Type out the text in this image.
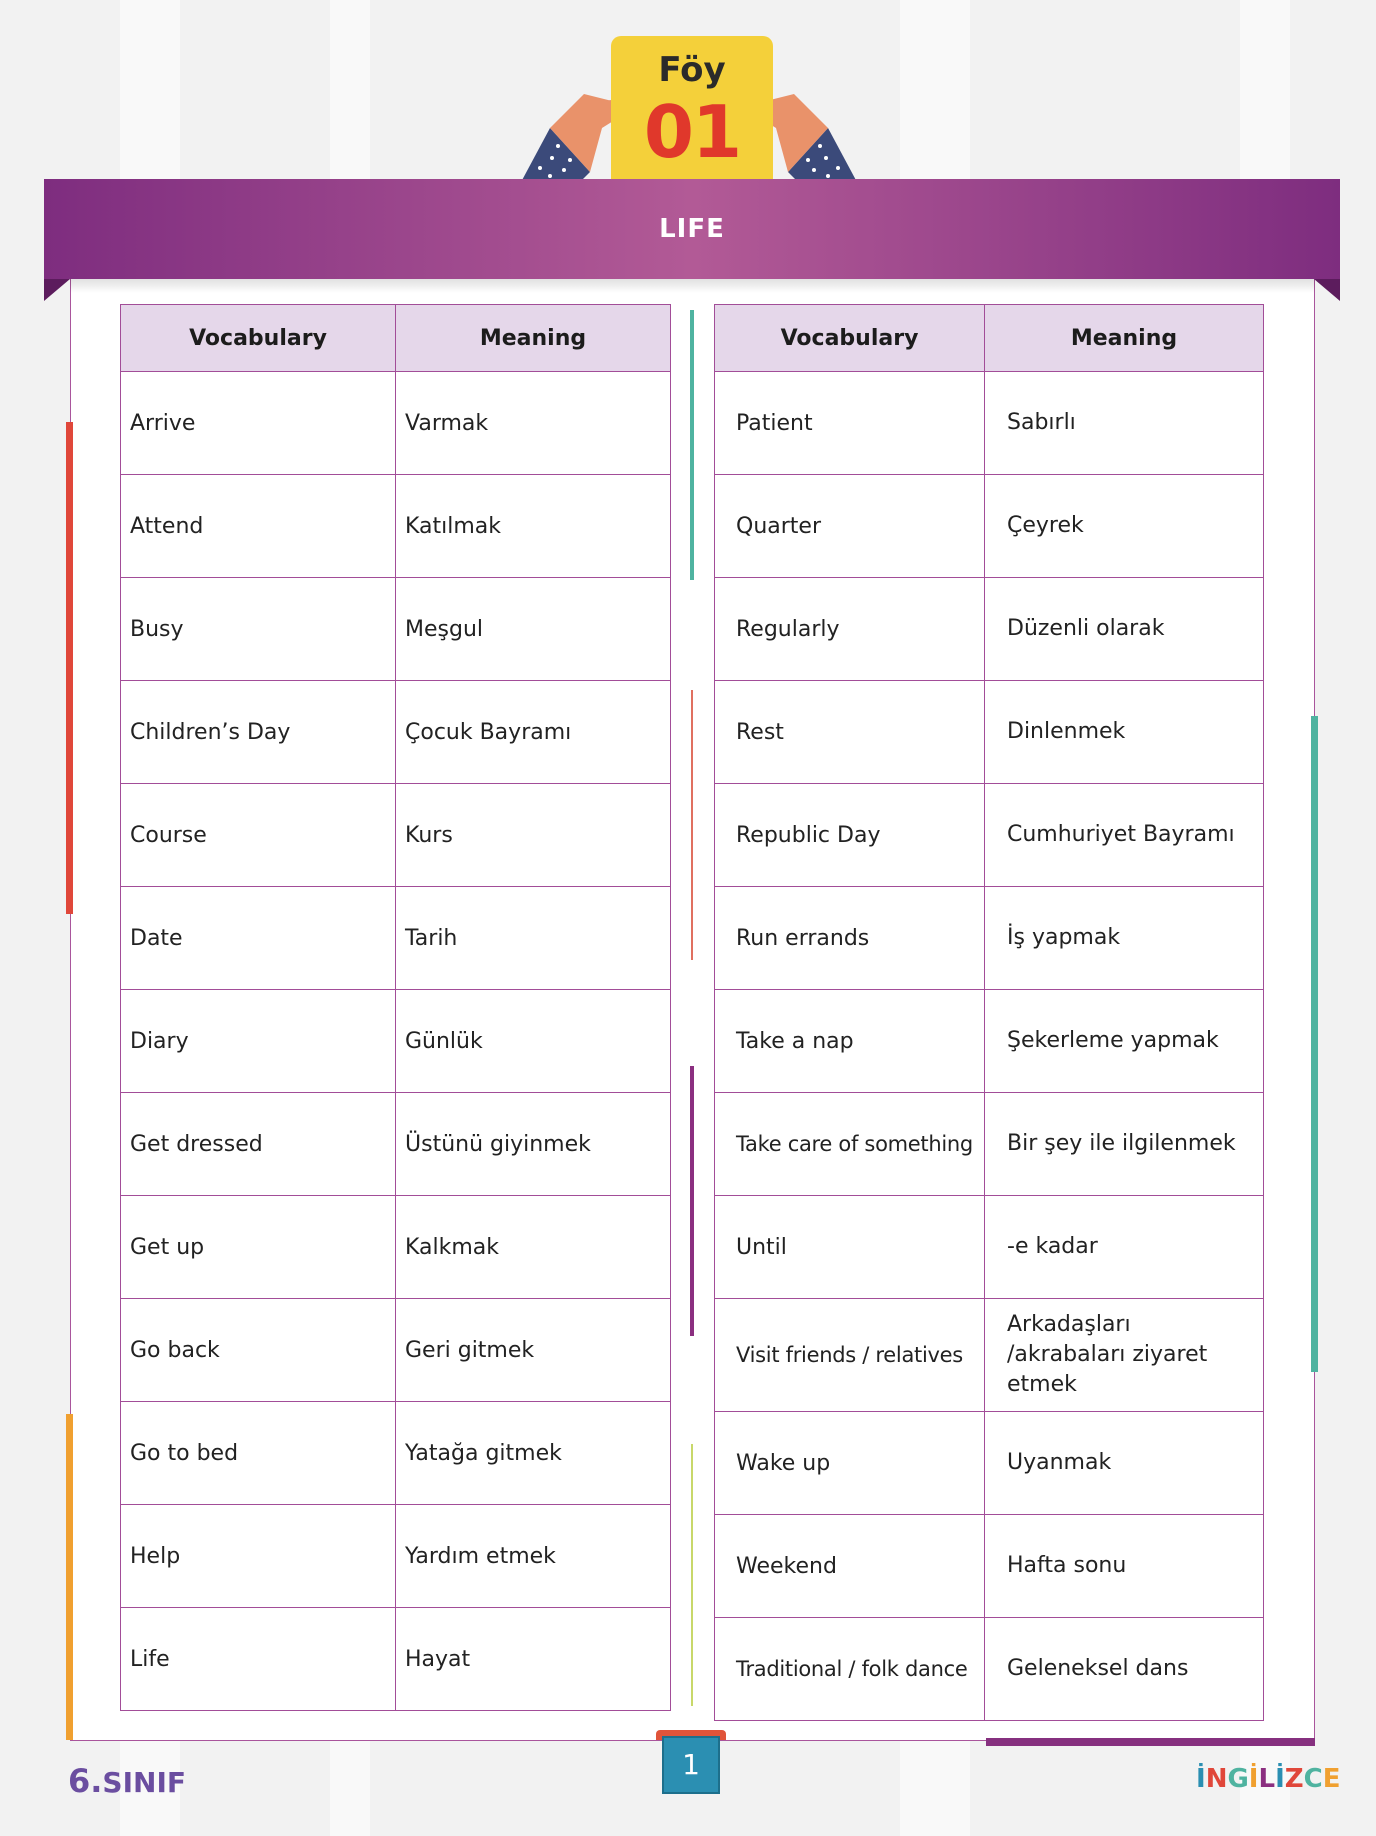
Föy
01
LIFE
Vocabulary	Meaning
Arrive	Varmak
Attend	Katılmak
Busy	Meşgul
Children’s Day	Çocuk Bayramı
Course	Kurs
Date	Tarih
Diary	Günlük
Get dressed	Üstünü giyinmek
Get up	Kalkmak
Go back	Geri gitmek
Go to bed	Yatağa gitmek
Help	Yardım etmek
Life	Hayat
Vocabulary	Meaning
Patient	Sabırlı
Quarter	Çeyrek
Regularly	Düzenli olarak
Rest	Dinlenmek
Republic Day	Cumhuriyet Bayramı
Run errands	İş yapmak
Take a nap	Şekerleme yapmak
Take care of something	Bir şey ile ilgilenmek
Until	-e kadar
Visit friends / relatives	Arkadaşları /akrabaları ziyaret etmek
Wake up	Uyanmak
Weekend	Hafta sonu
Traditional / folk dance	Geleneksel dans
6.SINIF
1	İNGİLİZCE
